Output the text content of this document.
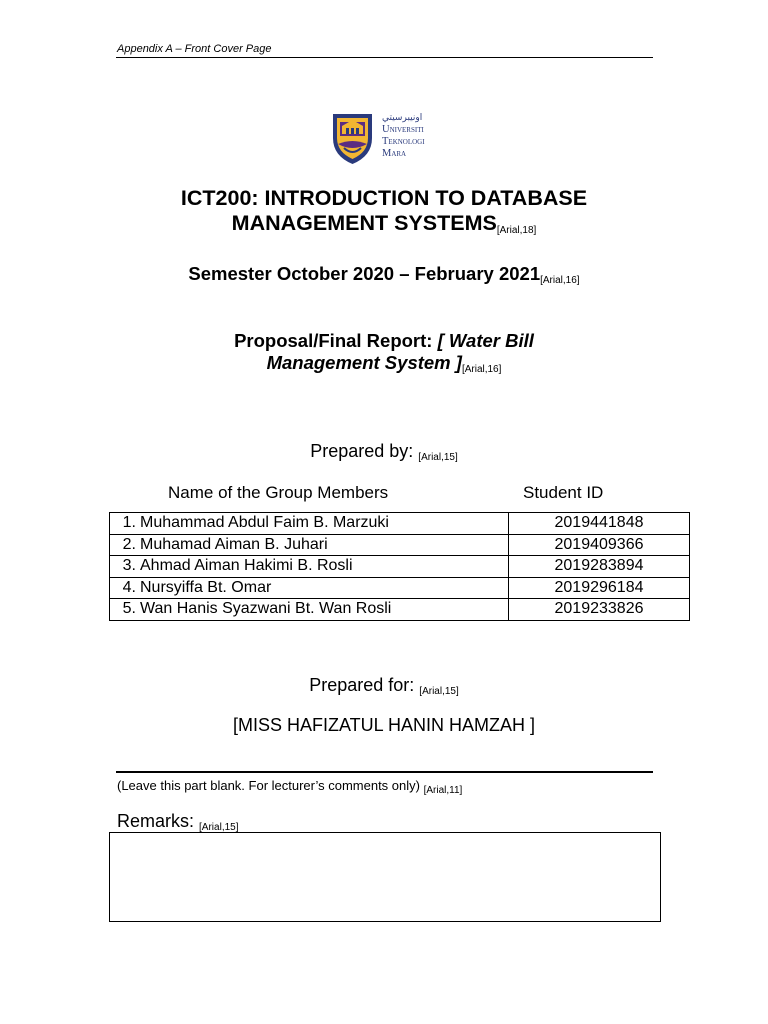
Appendix A – Front Cover Page
اونيبرسيتي
Universiti
Teknologi
Mara
ICT200: INTRODUCTION TO DATABASE
MANAGEMENT SYSTEMS[Arial,18]
Semester October 2020 – February 2021[Arial,16]
Proposal/Final Report: [ Water Bill
Management System ][Arial,16]
Prepared by: [Arial,15]
Name of the Group Members	Student ID
1. Muhammad Abdul Faim B. Marzuki	2019441848
2. Muhamad Aiman B. Juhari	2019409366
3. Ahmad Aiman Hakimi B. Rosli	2019283894
4. Nursyiffa Bt. Omar	2019296184
5. Wan Hanis Syazwani Bt. Wan Rosli	2019233826
Prepared for: [Arial,15]
[MISS HAFIZATUL HANIN HAMZAH ]
(Leave this part blank. For lecturer’s comments only) $_{[Arial,11]}$
Remarks: [Arial,15]
